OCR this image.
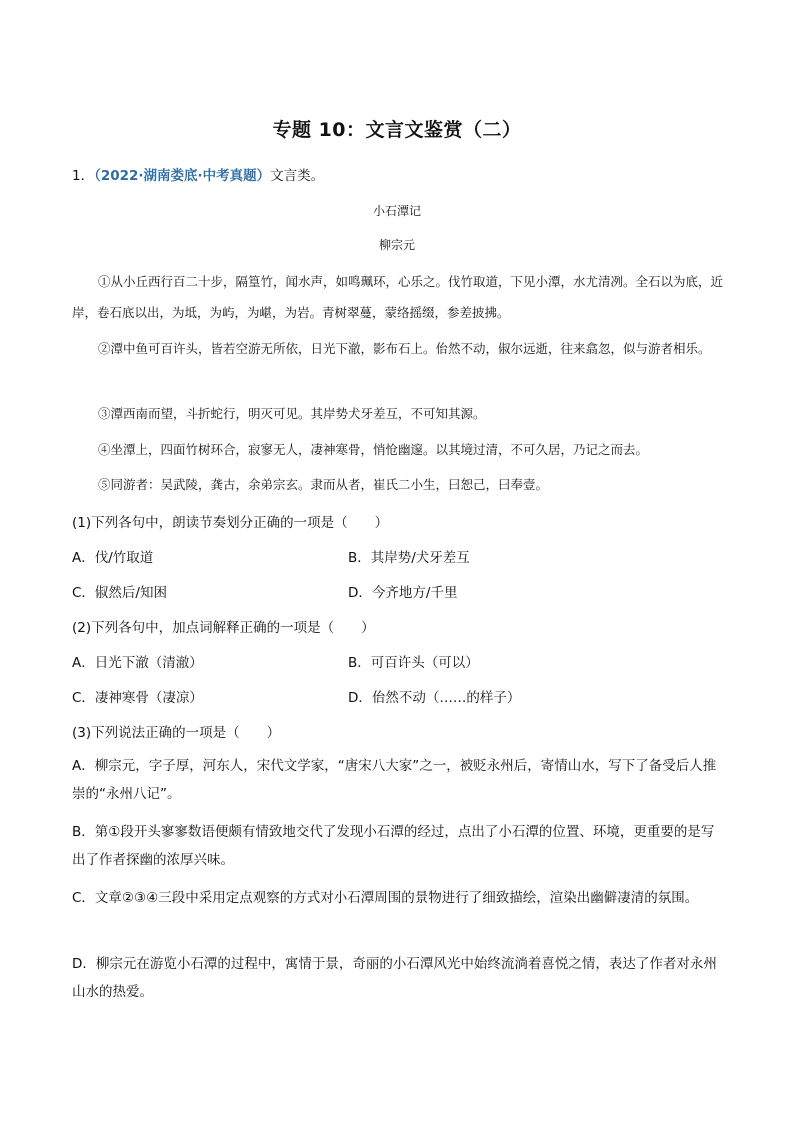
专题 10：文言文鉴赏（二）
1．（2022·湖南娄底·中考真题）文言类。
小石潭记
柳宗元
①从小丘西行百二十步，隔篁竹，闻水声，如鸣珮环，心乐之。伐竹取道，下见小潭，水尤清冽。全石以为底，近岸，卷石底以出，为坻，为屿，为嵁，为岩。青树翠蔓，蒙络摇缀，参差披拂。
②潭中鱼可百许头，皆若空游无所依，日光下澈，影布石上。佁然不动，俶尔远逝，往来翕忽，似与游者相乐。
③潭西南而望，斗折蛇行，明灭可见。其岸势犬牙差互，不可知其源。
④坐潭上，四面竹树环合，寂寥无人，凄神寒骨，悄怆幽邃。以其境过清，不可久居，乃记之而去。
⑤同游者：吴武陵，龚古，余弟宗玄。隶而从者，崔氏二小生，曰恕己，曰奉壹。
(1)下列各句中，朗读节奏划分正确的一项是（　　）
A．伐/竹取道	B．其岸势/犬牙差互
C．俶然后/知困	D．今齐地方/千里
(2)下列各句中，加点词解释正确的一项是（　　）
A．日光下澈（清澈）	B．可百许头（可以）
C．凄神寒骨（凄凉）	D．佁然不动（……的样子）
(3)下列说法正确的一项是（　　）
A．柳宗元，字子厚，河东人，宋代文学家，“唐宋八大家”之一，被贬永州后，寄情山水，写下了备受后人推崇的“永州八记”。
B．第①段开头寥寥数语便颇有情致地交代了发现小石潭的经过，点出了小石潭的位置、环境，更重要的是写出了作者探幽的浓厚兴味。
C．文章②③④三段中采用定点观察的方式对小石潭周围的景物进行了细致描绘，渲染出幽僻凄清的氛围。
D．柳宗元在游览小石潭的过程中，寓情于景，奇丽的小石潭风光中始终流淌着喜悦之情，表达了作者对永州山水的热爱。
